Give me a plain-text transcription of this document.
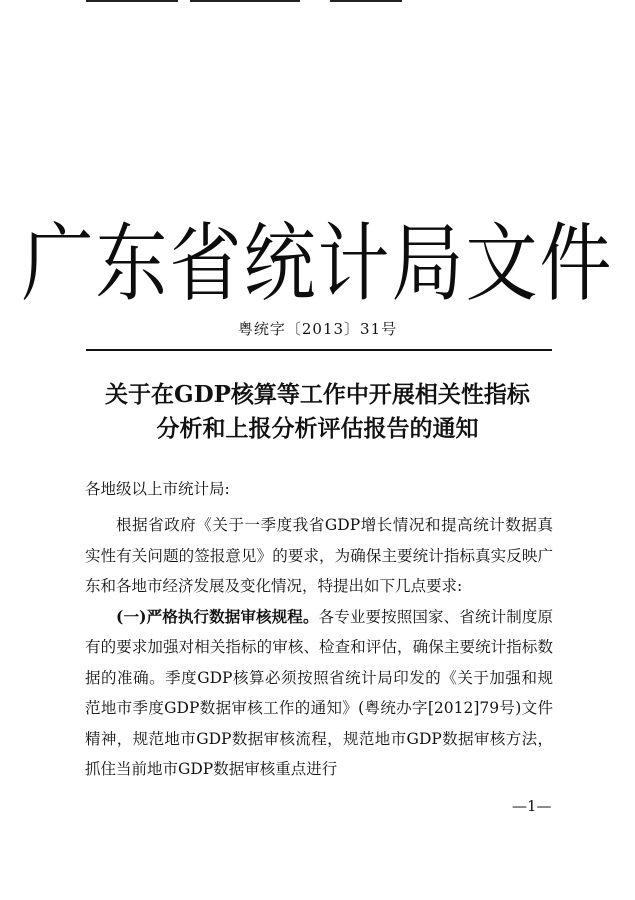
广东省统计局文件
粤统字〔2013〕31号
关于在GDP核算等工作中开展相关性指标
分析和上报分析评估报告的通知
各地级以上市统计局:

根据省政府《关于一季度我省GDP增长情况和提高统计数据真实性有关问题的签报意见》的要求，为确保主要统计指标真实反映广东和各地市经济发展及变化情况，特提出如下几点要求:

(一)严格执行数据审核规程。各专业要按照国家、省统计制度原有的要求加强对相关指标的审核、检查和评估，确保主要统计指标数据的准确。季度GDP核算必须按照省统计局印发的《关于加强和规范地市季度GDP数据审核工作的通知》(粤统办字[2012]79号)文件精神，规范地市GDP数据审核流程，规范地市GDP数据审核方法，抓住当前地市GDP数据审核重点进行

—1—
